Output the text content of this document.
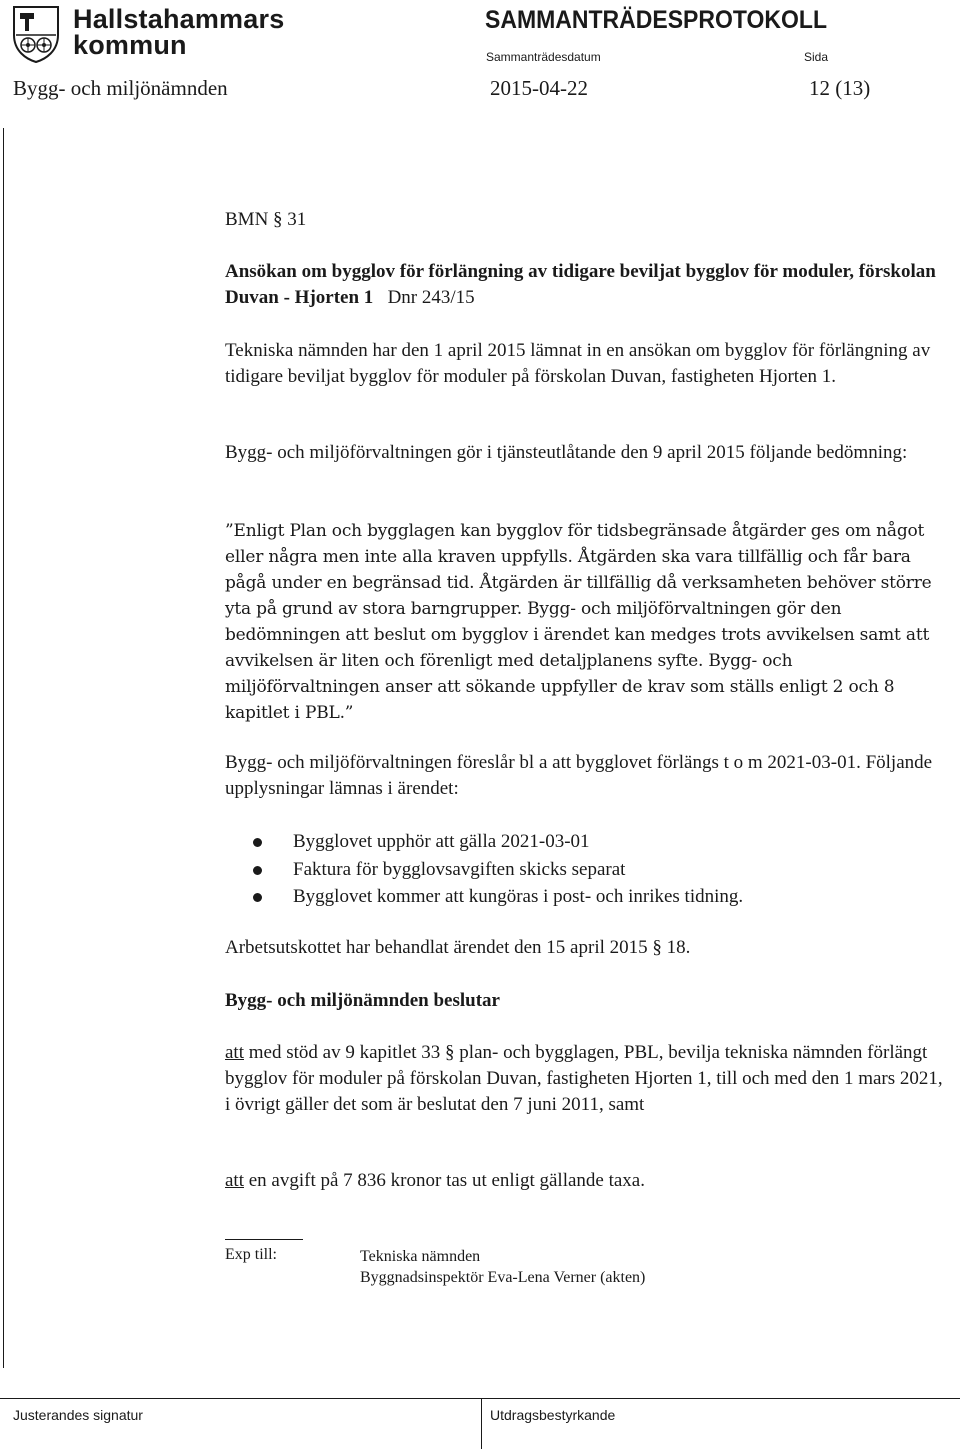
Hallstahammars
kommun
SAMMANTRÄDESPROTOKOLL
Sammanträdesdatum	Sida
Bygg- och miljönämnden	2015-04-22	12 (13)

BMN § 31

Ansökan om bygglov för förlängning av tidigare beviljat bygglov för moduler, förskolan Duvan - Hjorten 1 Dnr 243/15

Tekniska nämnden har den 1 april 2015 lämnat in en ansökan om bygglov för förlängning av tidigare beviljat bygglov för moduler på förskolan Duvan, fastigheten Hjorten 1.

Bygg- och miljöförvaltningen gör i tjänsteutlåtande den 9 april 2015 följande bedömning:

”Enligt Plan och bygglagen kan bygglov för tidsbegränsade åtgärder ges om något eller några men inte alla kraven uppfylls. Åtgärden ska vara tillfällig och får bara pågå under en begränsad tid. Åtgärden är tillfällig då verksamheten behöver större yta på grund av stora barngrupper. Bygg- och miljöförvaltningen gör den bedömningen att beslut om bygglov i ärendet kan medges trots avvikelsen samt att avvikelsen är liten och förenligt med detaljplanens syfte. Bygg- och miljöförvaltningen anser att sökande uppfyller de krav som ställs enligt 2 och 8 kapitlet i PBL.”

Bygg- och miljöförvaltningen föreslår bl a att bygglovet förlängs t o m 2021-03-01. Följande upplysningar lämnas i ärendet:

Bygglovet upphör att gälla 2021-03-01
Faktura för bygglovsavgiften skicks separat
Bygglovet kommer att kungöras i post- och inrikes tidning.

Arbetsutskottet har behandlat ärendet den 15 april 2015 § 18.

Bygg- och miljönämnden beslutar

att med stöd av 9 kapitlet 33 § plan- och bygglagen, PBL, bevilja tekniska nämnden förlängt bygglov för moduler på förskolan Duvan, fastigheten Hjorten 1, till och med den 1 mars 2021, i övrigt gäller det som är beslutat den 7 juni 2011, samt

att en avgift på 7 836 kronor tas ut enligt gällande taxa.

Exp till:	Tekniska nämnden
Byggnadsinspektör Eva-Lena Verner (akten)
Justerandes signatur	Utdragsbestyrkande
